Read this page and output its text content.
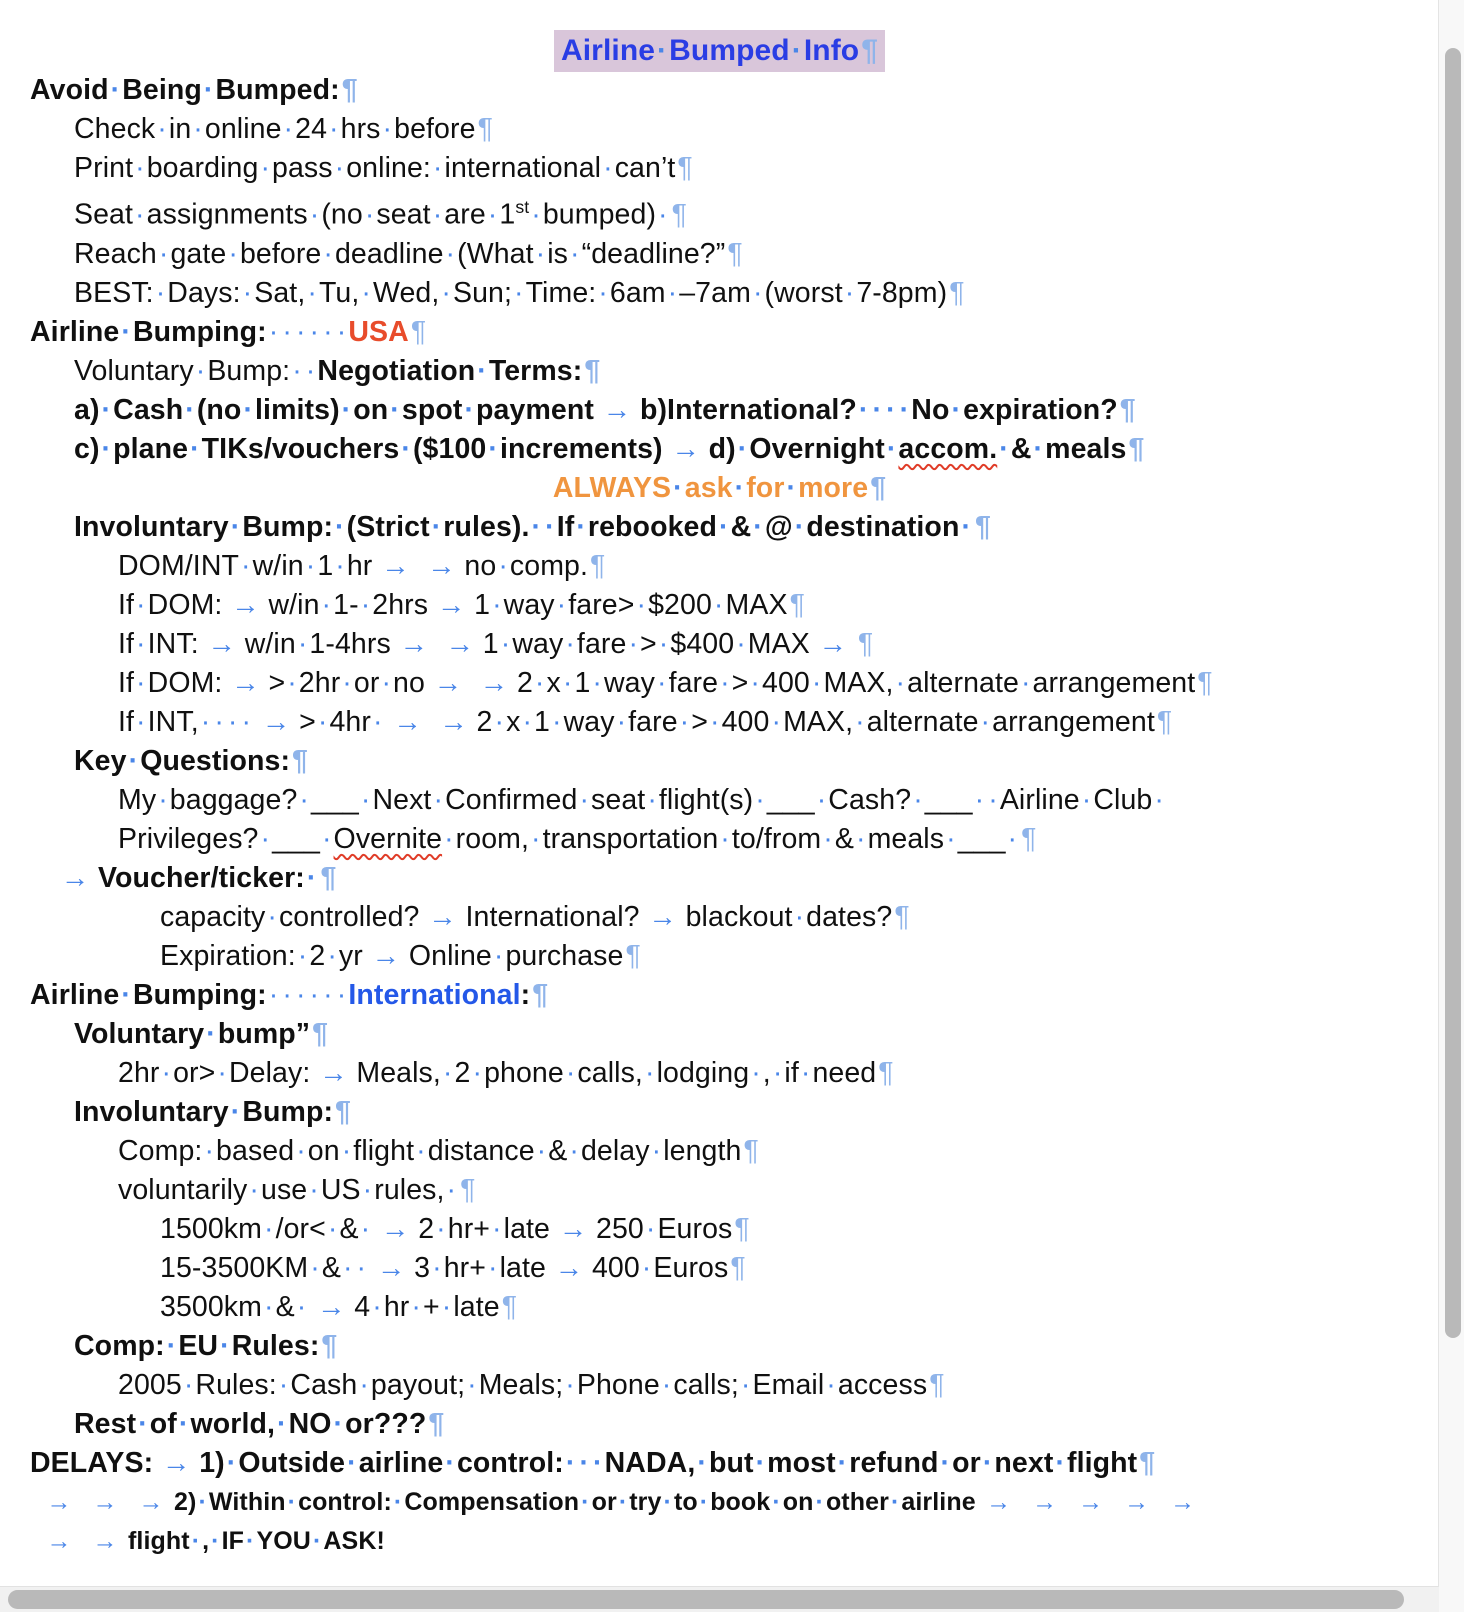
Airline·Bumped·Info¶
Avoid·Being·Bumped:¶
Check·in·online·24·hrs·before¶
Print·boarding·pass·online:·international·can’t¶
Seat·assignments·(no·seat·are·1st·bumped)· ¶
Reach·gate·before·deadline·(What·is·“deadline?”¶
BEST:·Days:·Sat,·Tu,·Wed,·Sun;·Time:·6am·–7am·(worst·7-8pm)¶
Airline·Bumping:· · · · · ·USA¶
Voluntary·Bump:· ·Negotiation·Terms:¶
a)·Cash·(no·limits)·on·spot·payment → b)International?· · · ·No·expiration?¶
c)·plane·TIKs/vouchers·($100·increments) → d)·Overnight·accom.·&·meals¶
ALWAYS·ask·for·more¶
Involuntary·Bump:·(Strict·rules).· ·If·rebooked·&·@·destination· ¶
DOM/INT·w/in·1·hr → → no·comp.¶
If·DOM: → w/in·1-·2hrs → 1·way·fare>·$200·MAX¶
If·INT: → w/in·1-4hrs → → 1·way·fare·>·$400·MAX → ¶
If·DOM: → >·2hr·or·no → → 2·x·1·way·fare·>·400·MAX,·alternate·arrangement¶
If·INT,· · · · → >·4hr· → → 2·x·1·way·fare·>·400·MAX,·alternate·arrangement¶
Key·Questions:¶
My·baggage?·___·Next·Confirmed·seat·flight(s)·___·Cash?·___· ·Airline·Club·
Privileges?·___·Overnite·room,·transportation·to/from·&·meals·___· ¶
→ Voucher/ticker:· ¶
capacity·controlled? → International? → blackout·dates?¶
Expiration:·2·yr → Online·purchase¶
Airline·Bumping:· · · · · ·International:¶
Voluntary·bump”¶
2hr·or>·Delay: → Meals,·2·phone·calls,·lodging·,·if·need¶
Involuntary·Bump:¶
Comp:·based·on·flight·distance·&·delay·length¶
voluntarily·use·US·rules,· ¶
1500km·/or<·&· → 2·hr+·late → 250·Euros¶
15-3500KM·&· · → 3·hr+·late → 400·Euros¶
3500km·&· → 4·hr·+·late¶
Comp:·EU·Rules:¶
2005·Rules:·Cash·payout;·Meals;·Phone·calls;·Email·access¶
Rest·of·world,·NO·or???¶
DELAYS: → 1)·Outside·airline·control:· · ·NADA,·but·most·refund·or·next·flight¶
→ → → 2)·Within·control:·Compensation·or·try·to·book·on·other·airline → → → → →
→ → flight·,·IF·YOU·ASK!
